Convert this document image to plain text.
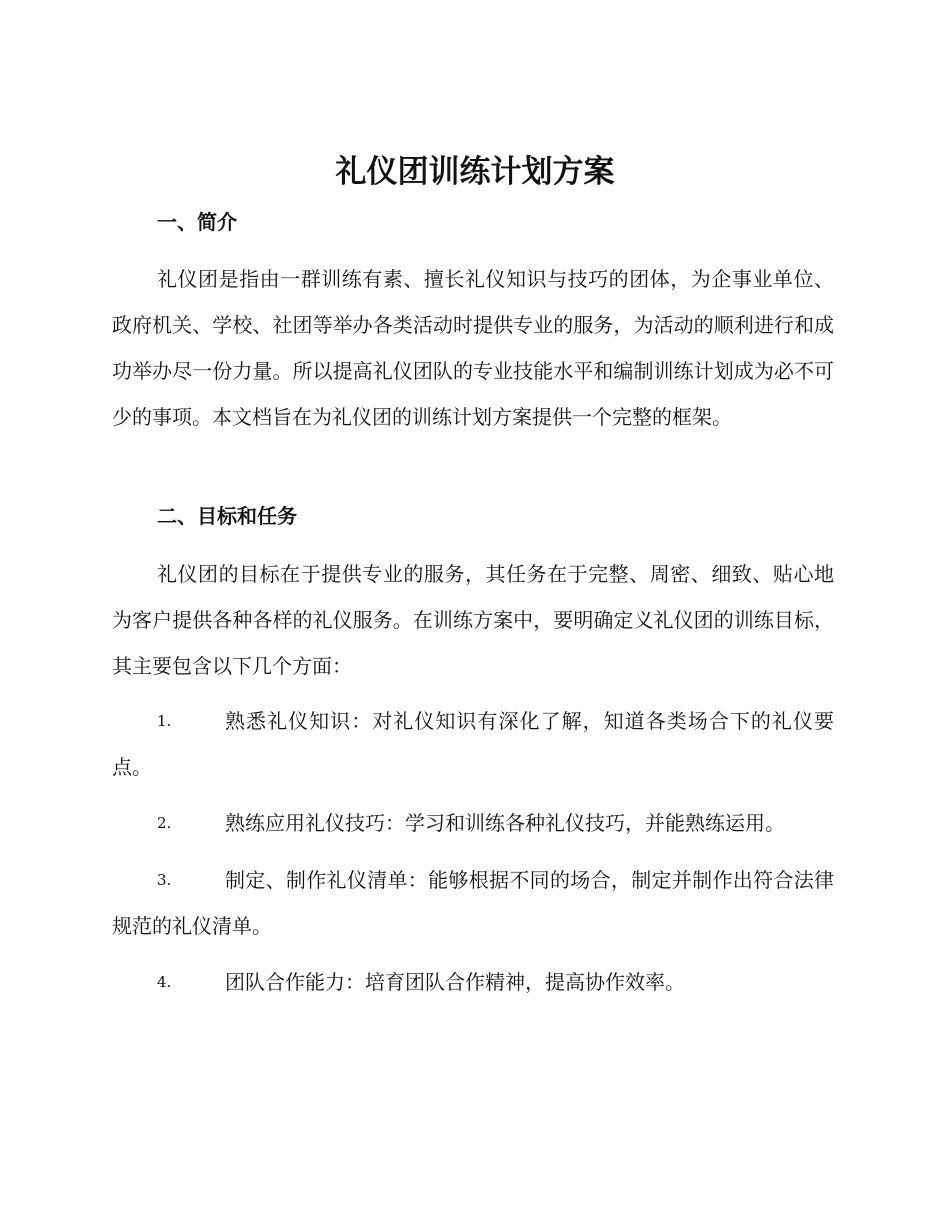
礼仪团训练计划方案
一、简介
礼仪团是指由一群训练有素、擅长礼仪知识与技巧的团体，为企事业单位、政府机关、学校、社团等举办各类活动时提供专业的服务，为活动的顺利进行和成功举办尽一份力量。所以提高礼仪团队的专业技能水平和编制训练计划成为必不可少的事项。本文档旨在为礼仪团的训练计划方案提供一个完整的框架。
二、目标和任务
礼仪团的目标在于提供专业的服务，其任务在于完整、周密、细致、贴心地为客户提供各种各样的礼仪服务。在训练方案中，要明确定义礼仪团的训练目标，其主要包含以下几个方面：
1.	熟悉礼仪知识：对礼仪知识有深化了解，知道各类场合下的礼仪要点。
2.	熟练应用礼仪技巧：学习和训练各种礼仪技巧，并能熟练运用。
3.	制定、制作礼仪清单：能够根据不同的场合，制定并制作出符合法律规范的礼仪清单。
4.	团队合作能力：培育团队合作精神，提高协作效率。
